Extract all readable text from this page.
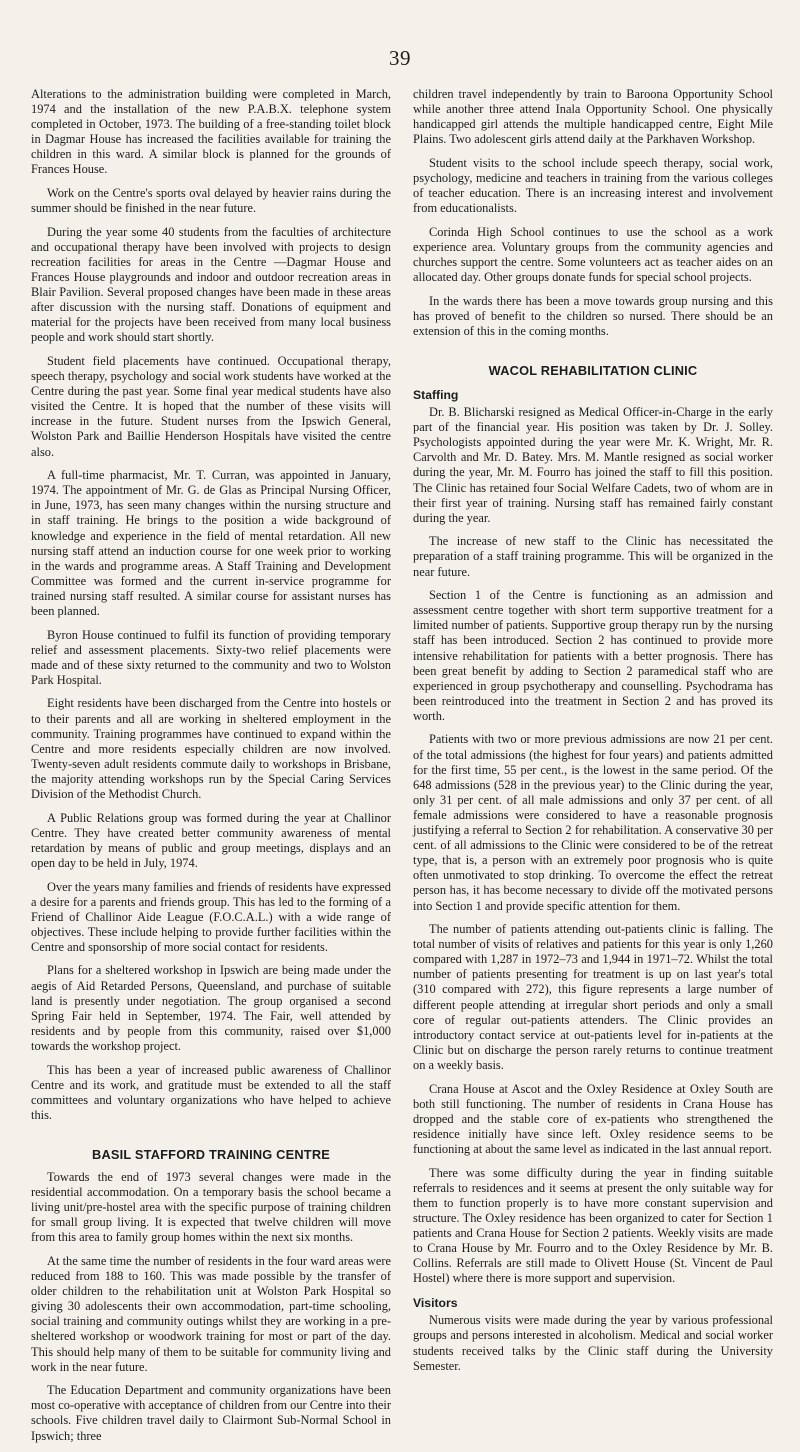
39

Alterations to the administration building were completed in March, 1974 and the installation of the new P.A.B.X. telephone system completed in October, 1973. The building of a free-standing toilet block in Dagmar House has increased the facilities available for training the children in this ward. A similar block is planned for the grounds of Frances House.

Work on the Centre's sports oval delayed by heavier rains during the summer should be finished in the near future.

During the year some 40 students from the faculties of architecture and occupational therapy have been involved with projects to design recreation facilities for areas in the Centre —Dagmar House and Frances House playgrounds and indoor and outdoor recreation areas in Blair Pavilion. Several proposed changes have been made in these areas after discussion with the nursing staff. Donations of equipment and material for the projects have been received from many local business people and work should start shortly.

Student field placements have continued. Occupational therapy, speech therapy, psychology and social work students have worked at the Centre during the past year. Some final year medical students have also visited the Centre. It is hoped that the number of these visits will increase in the future. Student nurses from the Ipswich General, Wolston Park and Baillie Henderson Hospitals have visited the centre also.

A full-time pharmacist, Mr. T. Curran, was appointed in January, 1974. The appointment of Mr. G. de Glas as Principal Nursing Officer, in June, 1973, has seen many changes within the nursing structure and in staff training. He brings to the position a wide background of knowledge and experience in the field of mental retardation. All new nursing staff attend an induction course for one week prior to working in the wards and programme areas. A Staff Training and Development Committee was formed and the current in-service programme for trained nursing staff resulted. A similar course for assistant nurses has been planned.

Byron House continued to fulfil its function of providing temporary relief and assessment placements. Sixty-two relief placements were made and of these sixty returned to the community and two to Wolston Park Hospital.

Eight residents have been discharged from the Centre into hostels or to their parents and all are working in sheltered employment in the community. Training programmes have continued to expand within the Centre and more residents especially children are now involved. Twenty-seven adult residents commute daily to workshops in Brisbane, the majority attending workshops run by the Special Caring Services Division of the Methodist Church.

A Public Relations group was formed during the year at Challinor Centre. They have created better community awareness of mental retardation by means of public and group meetings, displays and an open day to be held in July, 1974.

Over the years many families and friends of residents have expressed a desire for a parents and friends group. This has led to the forming of a Friend of Challinor Aide League (F.O.C.A.L.) with a wide range of objectives. These include helping to provide further facilities within the Centre and sponsorship of more social contact for residents.

Plans for a sheltered workshop in Ipswich are being made under the aegis of Aid Retarded Persons, Queensland, and purchase of suitable land is presently under negotiation. The group organised a second Spring Fair held in September, 1974. The Fair, well attended by residents and by people from this community, raised over $1,000 towards the workshop project.

This has been a year of increased public awareness of Challinor Centre and its work, and gratitude must be extended to all the staff committees and voluntary organizations who have helped to achieve this.

BASIL STAFFORD TRAINING CENTRE

Towards the end of 1973 several changes were made in the residential accommodation. On a temporary basis the school became a living unit/pre-hostel area with the specific purpose of training children for small group living. It is expected that twelve children will move from this area to family group homes within the next six months.

At the same time the number of residents in the four ward areas were reduced from 188 to 160. This was made possible by the transfer of older children to the rehabilitation unit at Wolston Park Hospital so giving 30 adolescents their own accommodation, part-time schooling, social training and community outings whilst they are working in a pre-sheltered workshop or woodwork training for most or part of the day. This should help many of them to be suitable for community living and work in the near future.

The Education Department and community organizations have been most co-operative with acceptance of children from our Centre into their schools. Five children travel daily to Clairmont Sub-Normal School in Ipswich; three

children travel independently by train to Baroona Opportunity School while another three attend Inala Opportunity School. One physically handicapped girl attends the multiple handicapped centre, Eight Mile Plains. Two adolescent girls attend daily at the Parkhaven Workshop.

Student visits to the school include speech therapy, social work, psychology, medicine and teachers in training from the various colleges of teacher education. There is an increasing interest and involvement from educationalists.

Corinda High School continues to use the school as a work experience area. Voluntary groups from the community agencies and churches support the centre. Some volunteers act as teacher aides on an allocated day. Other groups donate funds for special school projects.

In the wards there has been a move towards group nursing and this has proved of benefit to the children so nursed. There should be an extension of this in the coming months.

WACOL REHABILITATION CLINIC
Staffing

Dr. B. Blicharski resigned as Medical Officer-in-Charge in the early part of the financial year. His position was taken by Dr. J. Solley. Psychologists appointed during the year were Mr. K. Wright, Mr. R. Carvolth and Mr. D. Batey. Mrs. M. Mantle resigned as social worker during the year, Mr. M. Fourro has joined the staff to fill this position. The Clinic has retained four Social Welfare Cadets, two of whom are in their first year of training. Nursing staff has remained fairly constant during the year.

The increase of new staff to the Clinic has necessitated the preparation of a staff training programme. This will be organized in the near future.

Section 1 of the Centre is functioning as an admission and assessment centre together with short term supportive treatment for a limited number of patients. Supportive group therapy run by the nursing staff has been introduced. Section 2 has continued to provide more intensive rehabilitation for patients with a better prognosis. There has been great benefit by adding to Section 2 paramedical staff who are experienced in group psychotherapy and counselling. Psychodrama has been reintroduced into the treatment in Section 2 and has proved its worth.

Patients with two or more previous admissions are now 21 per cent. of the total admissions (the highest for four years) and patients admitted for the first time, 55 per cent., is the lowest in the same period. Of the 648 admissions (528 in the previous year) to the Clinic during the year, only 31 per cent. of all male admissions and only 37 per cent. of all female admissions were considered to have a reasonable prognosis justifying a referral to Section 2 for rehabilitation. A conservative 30 per cent. of all admissions to the Clinic were considered to be of the retreat type, that is, a person with an extremely poor prognosis who is quite often unmotivated to stop drinking. To overcome the effect the retreat person has, it has become necessary to divide off the motivated persons into Section 1 and provide specific attention for them.

The number of patients attending out-patients clinic is falling. The total number of visits of relatives and patients for this year is only 1,260 compared with 1,287 in 1972–73 and 1,944 in 1971–72. Whilst the total number of patients presenting for treatment is up on last year's total (310 compared with 272), this figure represents a large number of different people attending at irregular short periods and only a small core of regular out-patients attenders. The Clinic provides an introductory contact service at out-patients level for in-patients at the Clinic but on discharge the person rarely returns to continue treatment on a weekly basis.

Crana House at Ascot and the Oxley Residence at Oxley South are both still functioning. The number of residents in Crana House has dropped and the stable core of ex-patients who strengthened the residence initially have since left. Oxley residence seems to be functioning at about the same level as indicated in the last annual report.

There was some difficulty during the year in finding suitable referrals to residences and it seems at present the only suitable way for them to function properly is to have more constant supervision and structure. The Oxley residence has been organized to cater for Section 1 patients and Crana House for Section 2 patients. Weekly visits are made to Crana House by Mr. Fourro and to the Oxley Residence by Mr. B. Collins. Referrals are still made to Olivett House (St. Vincent de Paul Hostel) where there is more support and supervision.

Visitors

Numerous visits were made during the year by various professional groups and persons interested in alcoholism. Medical and social worker students received talks by the Clinic staff during the University Semester.
